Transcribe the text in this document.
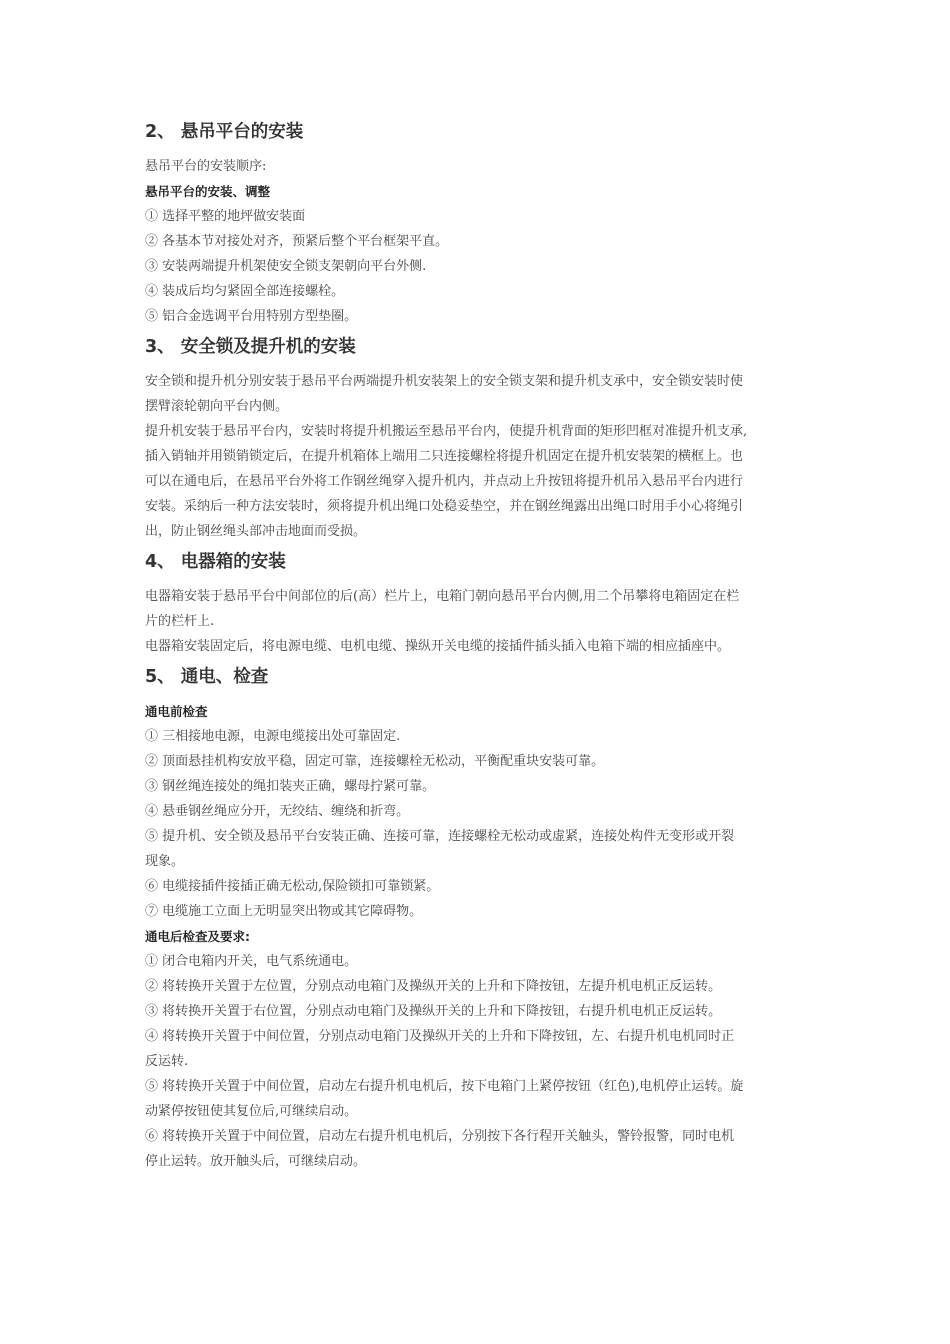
2、 悬吊平台的安装

悬吊平台的安装顺序:

悬吊平台的安装、调整

① 选择平整的地坪做安装面

② 各基本节对接处对齐，预紧后整个平台框架平直。

③ 安装两端提升机架使安全锁支架朝向平台外侧.

④ 装成后均匀紧固全部连接螺栓。

⑤ 铝合金选调平台用特别方型垫圈。

3、 安全锁及提升机的安装

安全锁和提升机分别安装于悬吊平台两端提升机安装架上的安全锁支架和提升机支承中，安全锁安装时使

摆臂滚轮朝向平台内侧。

提升机安装于悬吊平台内，安装时将提升机搬运至悬吊平台内，使提升机背面的矩形凹框对准提升机支承,

插入销轴并用锁销锁定后，在提升机箱体上端用二只连接螺栓将提升机固定在提升机安装架的横框上。也

可以在通电后，在悬吊平台外将工作钢丝绳穿入提升机内，并点动上升按钮将提升机吊入悬吊平台内进行

安装。采纳后一种方法安装时，须将提升机出绳口处稳妥垫空，并在钢丝绳露出出绳口时用手小心将绳引

出，防止钢丝绳头部冲击地面而受损。

4、 电器箱的安装

电器箱安装于悬吊平台中间部位的后(高）栏片上，电箱门朝向悬吊平台内侧,用二个吊攀将电箱固定在栏

片的栏杆上.

电器箱安装固定后，将电源电缆、电机电缆、操纵开关电缆的接插件插头插入电箱下端的相应插座中。

5、 通电、检查

通电前检查

① 三相接地电源，电源电缆接出处可靠固定.

② 顶面悬挂机构安放平稳，固定可靠，连接螺栓无松动，平衡配重块安装可靠。

③ 钢丝绳连接处的绳扣装夹正确，螺母拧紧可靠。

④ 悬垂钢丝绳应分开，无绞结、缠绕和折弯。

⑤ 提升机、安全锁及悬吊平台安装正确、连接可靠，连接螺栓无松动或虚紧，连接处构件无变形或开裂

现象。

⑥ 电缆接插件接插正确无松动,保险锁扣可靠锁紧。

⑦ 电缆施工立面上无明显突出物或其它障碍物。

通电后检查及要求:

① 闭合电箱内开关，电气系统通电。

② 将转换开关置于左位置，分别点动电箱门及操纵开关的上升和下降按钮，左提升机电机正反运转。

③ 将转换开关置于右位置，分别点动电箱门及操纵开关的上升和下降按钮，右提升机电机正反运转。

④ 将转换开关置于中间位置，分别点动电箱门及操纵开关的上升和下降按钮，左、右提升机电机同时正

反运转.

⑤ 将转换开关置于中间位置，启动左右提升机电机后，按下电箱门上紧停按钮（红色),电机停止运转。旋

动紧停按钮使其复位后,可继续启动。

⑥ 将转换开关置于中间位置，启动左右提升机电机后，分别按下各行程开关触头，警铃报警，同时电机

停止运转。放开触头后，可继续启动。
